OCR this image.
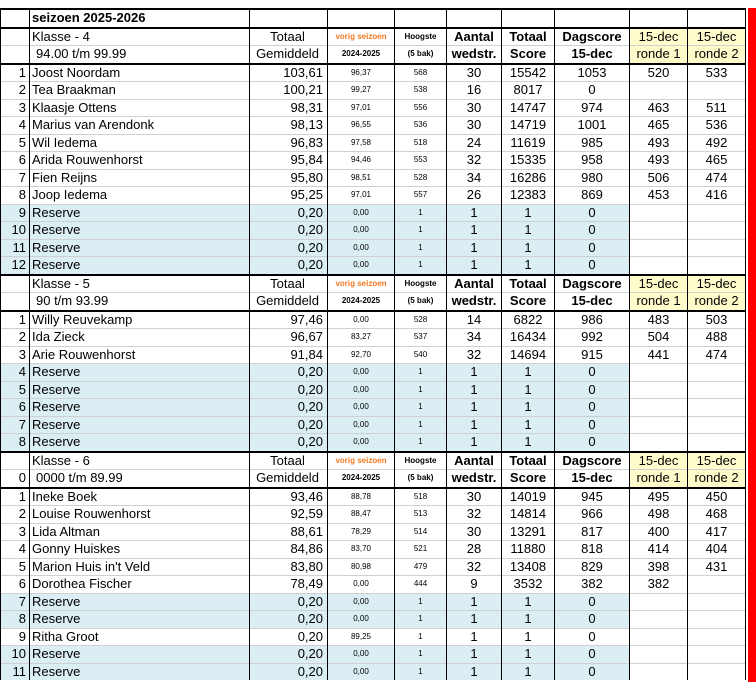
	seizoen 2025-2026								
	Klasse - 4	Totaal	vorig seizoen	Hoogste	Aantal	Totaal	Dagscore	15-dec	15-dec
	94.00 t/m 99.99	Gemiddeld	2024-2025	(5 bak)	wedstr.	Score	15-dec	ronde 1	ronde 2
1	Joost Noordam	103,61	96,37	568	30	15542	1053	520	533
2	Tea Braakman	100,21	99,27	538	16	8017	0		
3	Klaasje Ottens	98,31	97,01	556	30	14747	974	463	511
4	Marius van Arendonk	98,13	96,55	536	30	14719	1001	465	536
5	Wil Iedema	96,83	97,58	518	24	11619	985	493	492
6	Arida Rouwenhorst	95,84	94,46	553	32	15335	958	493	465
7	Fien Reijns	95,80	98,51	528	34	16286	980	506	474
8	Joop Iedema	95,25	97,01	557	26	12383	869	453	416
9	Reserve	0,20	0,00	1	1	1	0		
10	Reserve	0,20	0,00	1	1	1	0		
11	Reserve	0,20	0,00	1	1	1	0		
12	Reserve	0,20	0,00	1	1	1	0		
	Klasse - 5	Totaal	vorig seizoen	Hoogste	Aantal	Totaal	Dagscore	15-dec	15-dec
	90 t/m 93.99	Gemiddeld	2024-2025	(5 bak)	wedstr.	Score	15-dec	ronde 1	ronde 2
1	Willy Reuvekamp	97,46	0,00	528	14	6822	986	483	503
2	Ida Zieck	96,67	83,27	537	34	16434	992	504	488
3	Arie Rouwenhorst	91,84	92,70	540	32	14694	915	441	474
4	Reserve	0,20	0,00	1	1	1	0		
5	Reserve	0,20	0,00	1	1	1	0		
6	Reserve	0,20	0,00	1	1	1	0		
7	Reserve	0,20	0,00	1	1	1	0		
8	Reserve	0,20	0,00	1	1	1	0		
	Klasse - 6	Totaal	vorig seizoen	Hoogste	Aantal	Totaal	Dagscore	15-dec	15-dec
0	0000 t/m 89.99	Gemiddeld	2024-2025	(5 bak)	wedstr.	Score	15-dec	ronde 1	ronde 2
1	Ineke Boek	93,46	88,78	518	30	14019	945	495	450
2	Louise Rouwenhorst	92,59	88,47	513	32	14814	966	498	468
3	Lida Altman	88,61	78,29	514	30	13291	817	400	417
4	Gonny Huiskes	84,86	83,70	521	28	11880	818	414	404
5	Marion Huis in't Veld	83,80	80,98	479	32	13408	829	398	431
6	Dorothea Fischer	78,49	0,00	444	9	3532	382	382	
7	Reserve	0,20	0,00	1	1	1	0		
8	Reserve	0,20	0,00	1	1	1	0		
9	Ritha Groot	0,20	89,25	1	1	1	0		
10	Reserve	0,20	0,00	1	1	1	0		
11	Reserve	0,20	0,00	1	1	1	0		
